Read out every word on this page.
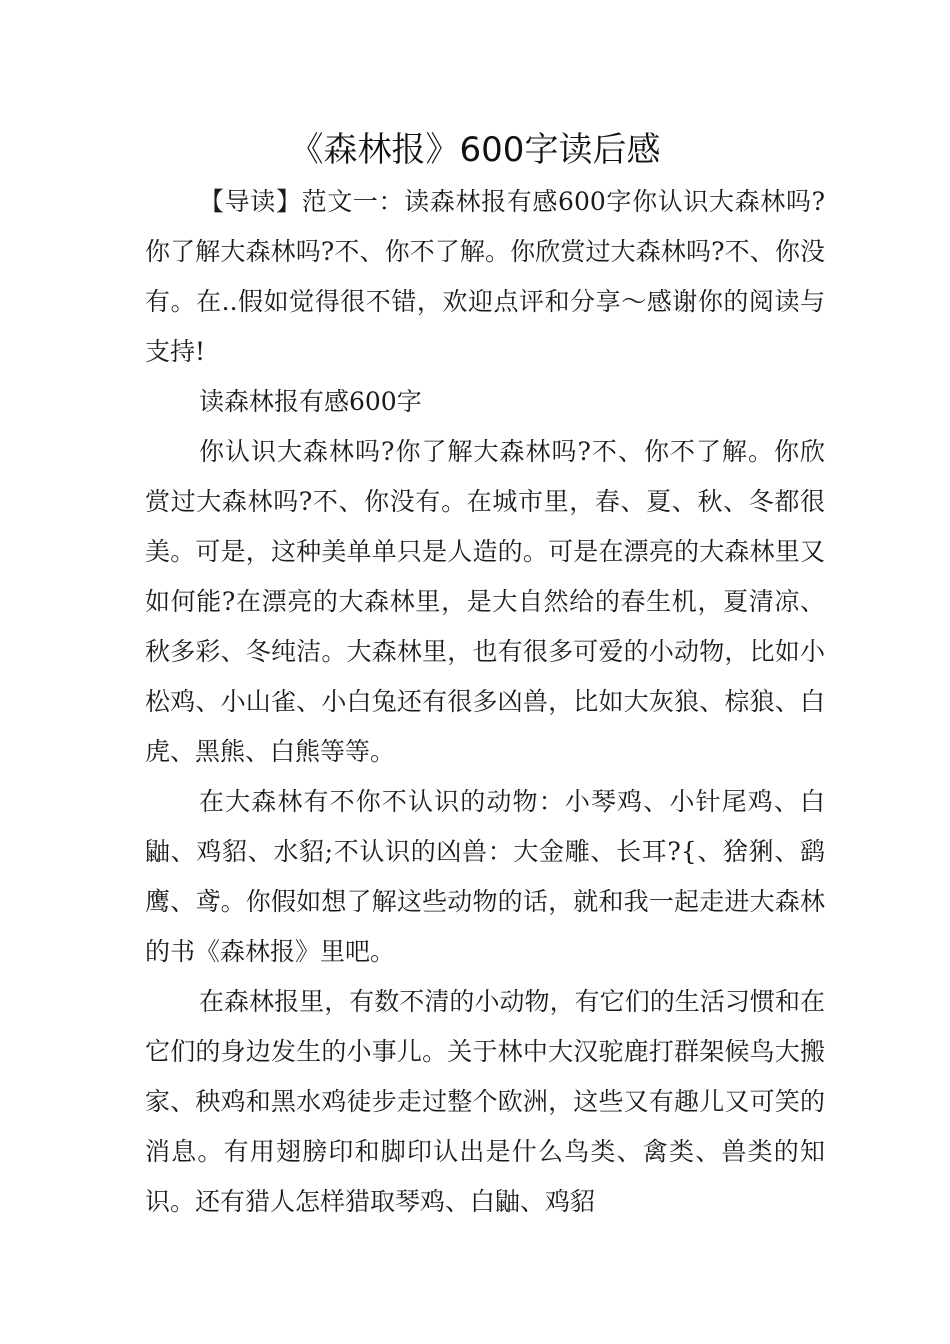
《森林报》600字读后感

【导读】范文一：读森林报有感600字你认识大森林吗?你了解大森林吗?不、你不了解。你欣赏过大森林吗?不、你没有。在..假如觉得很不错，欢迎点评和分享～感谢你的阅读与支持!

读森林报有感600字

你认识大森林吗?你了解大森林吗?不、你不了解。你欣赏过大森林吗?不、你没有。在城市里，春、夏、秋、冬都很美。可是，这种美单单只是人造的。可是在漂亮的大森林里又如何能?在漂亮的大森林里，是大自然给的春生机，夏清凉、秋多彩、冬纯洁。大森林里，也有很多可爱的小动物，比如小松鸡、小山雀、小白兔还有很多凶兽，比如大灰狼、棕狼、白虎、黑熊、白熊等等。

在大森林有不你不认识的动物：小琴鸡、小针尾鸡、白鼬、鸡貂、水貂;不认识的凶兽：大金雕、长耳?{、猞猁、鹞鹰、鸢。你假如想了解这些动物的话，就和我一起走进大森林的书《森林报》里吧。

在森林报里，有数不清的小动物，有它们的生活习惯和在它们的身边发生的小事儿。关于林中大汉驼鹿打群架候鸟大搬家、秧鸡和黑水鸡徒步走过整个欧洲，这些又有趣儿又可笑的消息。有用翅膀印和脚印认出是什么鸟类、禽类、兽类的知识。还有猎人怎样猎取琴鸡、白鼬、鸡貂
